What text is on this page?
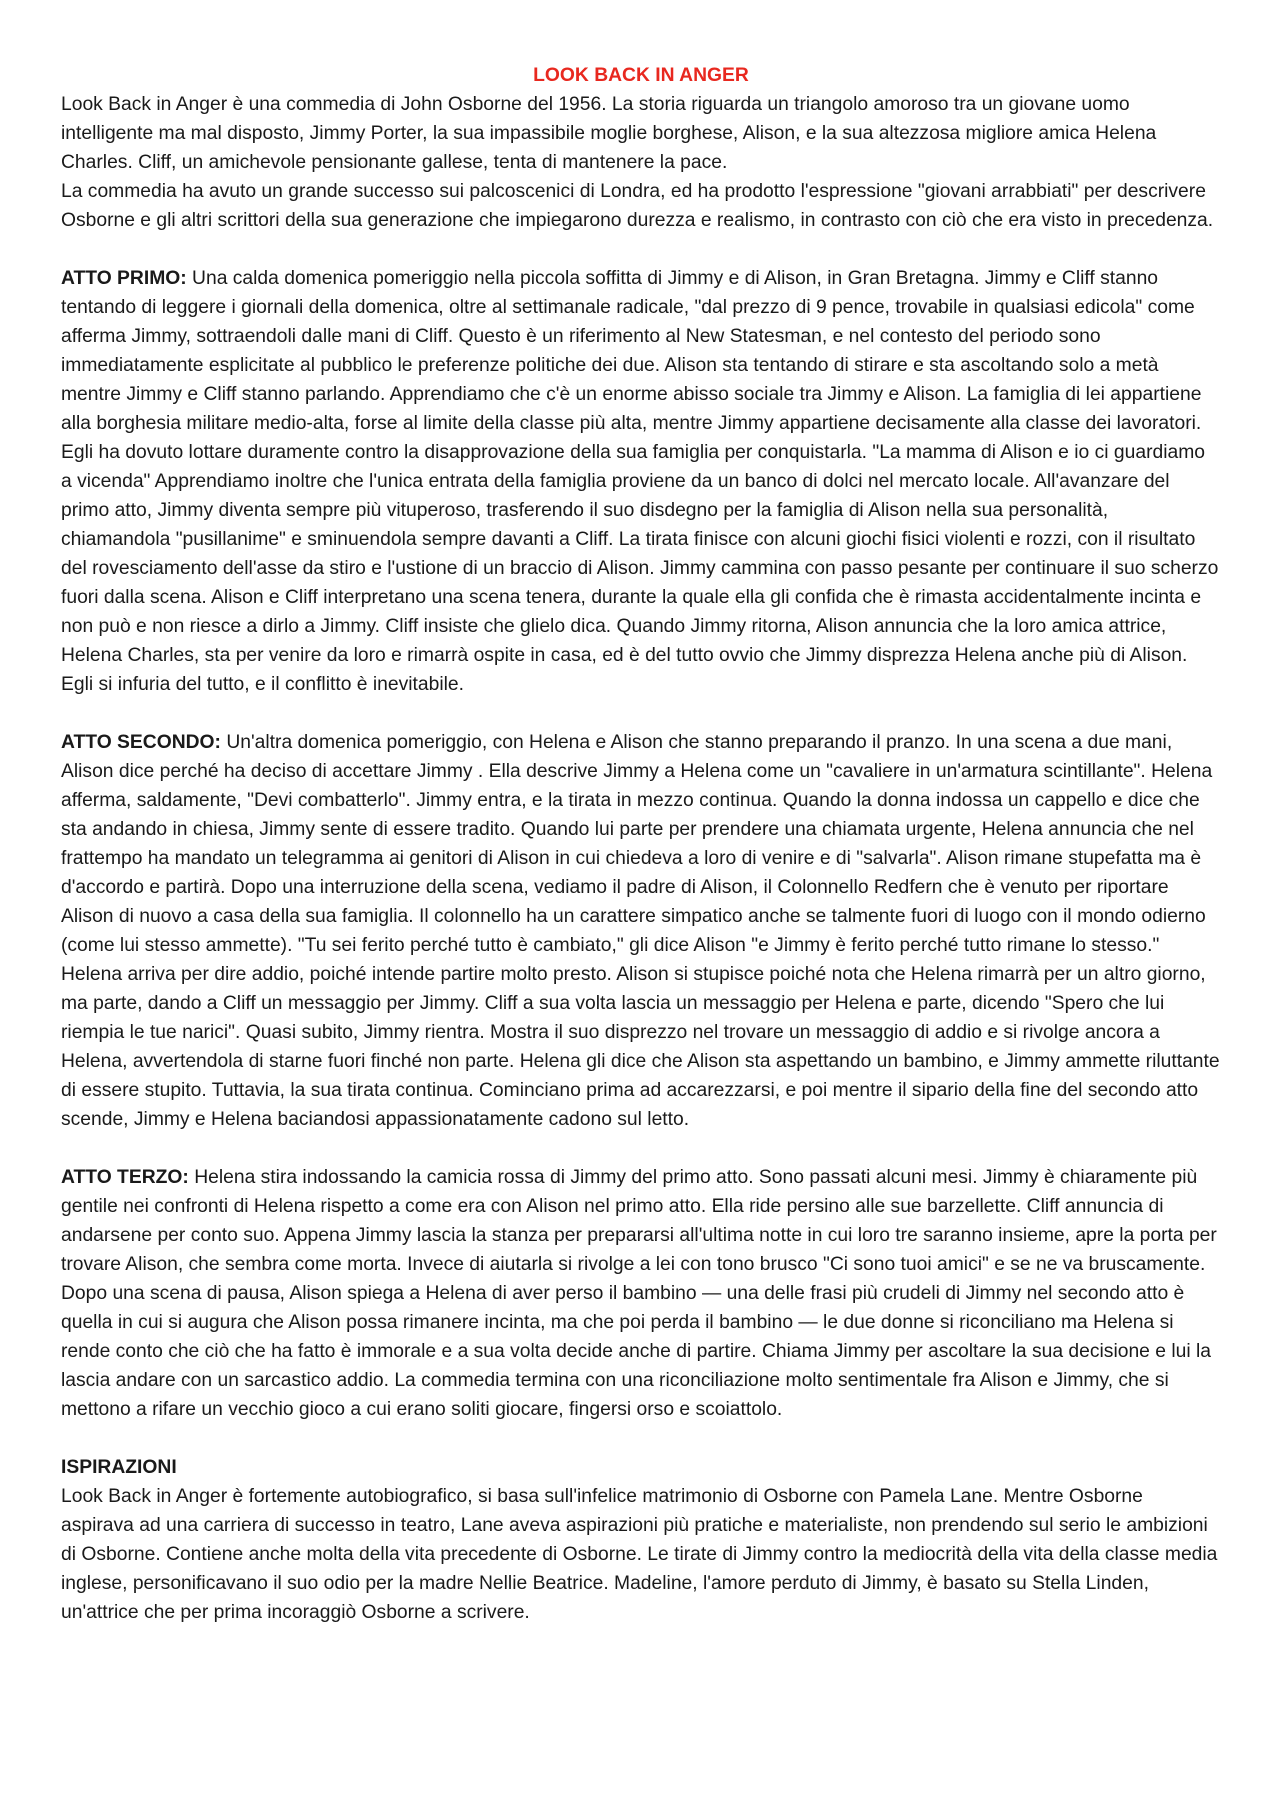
LOOK BACK IN ANGER

Look Back in Anger è una commedia di John Osborne del 1956. La storia riguarda un triangolo amoroso tra un giovane uomo intelligente ma mal disposto, Jimmy Porter, la sua impassibile moglie borghese, Alison, e la sua altezzosa migliore amica Helena Charles. Cliff, un amichevole pensionante gallese, tenta di mantenere la pace.

La commedia ha avuto un grande successo sui palcoscenici di Londra, ed ha prodotto l'espressione "giovani arrabbiati" per descrivere Osborne e gli altri scrittori della sua generazione che impiegarono durezza e realismo, in contrasto con ciò che era visto in precedenza.

ATTO PRIMO: Una calda domenica pomeriggio nella piccola soffitta di Jimmy e di Alison, in Gran Bretagna. Jimmy e Cliff stanno tentando di leggere i giornali della domenica, oltre al settimanale radicale, "dal prezzo di 9 pence, trovabile in qualsiasi edicola" come afferma Jimmy, sottraendoli dalle mani di Cliff. Questo è un riferimento al New Statesman, e nel contesto del periodo sono immediatamente esplicitate al pubblico le preferenze politiche dei due. Alison sta tentando di stirare e sta ascoltando solo a metà mentre Jimmy e Cliff stanno parlando. Apprendiamo che c'è un enorme abisso sociale tra Jimmy e Alison. La famiglia di lei appartiene alla borghesia militare medio-alta, forse al limite della classe più alta, mentre Jimmy appartiene decisamente alla classe dei lavoratori. Egli ha dovuto lottare duramente contro la disapprovazione della sua famiglia per conquistarla. "La mamma di Alison e io ci guardiamo a vicenda" Apprendiamo inoltre che l'unica entrata della famiglia proviene da un banco di dolci nel mercato locale. All'avanzare del primo atto, Jimmy diventa sempre più vituperoso, trasferendo il suo disdegno per la famiglia di Alison nella sua personalità, chiamandola "pusillanime" e sminuendola sempre davanti a Cliff. La tirata finisce con alcuni giochi fisici violenti e rozzi, con il risultato del rovesciamento dell'asse da stiro e l'ustione di un braccio di Alison. Jimmy cammina con passo pesante per continuare il suo scherzo fuori dalla scena. Alison e Cliff interpretano una scena tenera, durante la quale ella gli confida che è rimasta accidentalmente incinta e non può e non riesce a dirlo a Jimmy. Cliff insiste che glielo dica. Quando Jimmy ritorna, Alison annuncia che la loro amica attrice, Helena Charles, sta per venire da loro e rimarrà ospite in casa, ed è del tutto ovvio che Jimmy disprezza Helena anche più di Alison. Egli si infuria del tutto, e il conflitto è inevitabile.

ATTO SECONDO: Un'altra domenica pomeriggio, con Helena e Alison che stanno preparando il pranzo. In una scena a due mani, Alison dice perché ha deciso di accettare Jimmy . Ella descrive Jimmy a Helena come un "cavaliere in un'armatura scintillante". Helena afferma, saldamente, "Devi combatterlo". Jimmy entra, e la tirata in mezzo continua. Quando la donna indossa un cappello e dice che sta andando in chiesa, Jimmy sente di essere tradito. Quando lui parte per prendere una chiamata urgente, Helena annuncia che nel frattempo ha mandato un telegramma ai genitori di Alison in cui chiedeva a loro di venire e di "salvarla". Alison rimane stupefatta ma è d'accordo e partirà. Dopo una interruzione della scena, vediamo il padre di Alison, il Colonnello Redfern che è venuto per riportare Alison di nuovo a casa della sua famiglia. Il colonnello ha un carattere simpatico anche se talmente fuori di luogo con il mondo odierno (come lui stesso ammette). "Tu sei ferito perché tutto è cambiato," gli dice Alison "e Jimmy è ferito perché tutto rimane lo stesso." Helena arriva per dire addio, poiché intende partire molto presto. Alison si stupisce poiché nota che Helena rimarrà per un altro giorno, ma parte, dando a Cliff un messaggio per Jimmy. Cliff a sua volta lascia un messaggio per Helena e parte, dicendo "Spero che lui riempia le tue narici". Quasi subito, Jimmy rientra. Mostra il suo disprezzo nel trovare un messaggio di addio e si rivolge ancora a Helena, avvertendola di starne fuori finché non parte. Helena gli dice che Alison sta aspettando un bambino, e Jimmy ammette riluttante di essere stupito. Tuttavia, la sua tirata continua. Cominciano prima ad accarezzarsi, e poi mentre il sipario della fine del secondo atto scende, Jimmy e Helena baciandosi appassionatamente cadono sul letto.

ATTO TERZO: Helena stira indossando la camicia rossa di Jimmy del primo atto. Sono passati alcuni mesi. Jimmy è chiaramente più gentile nei confronti di Helena rispetto a come era con Alison nel primo atto. Ella ride persino alle sue barzellette. Cliff annuncia di andarsene per conto suo. Appena Jimmy lascia la stanza per prepararsi all'ultima notte in cui loro tre saranno insieme, apre la porta per trovare Alison, che sembra come morta. Invece di aiutarla si rivolge a lei con tono brusco "Ci sono tuoi amici" e se ne va bruscamente. Dopo una scena di pausa, Alison spiega a Helena di aver perso il bambino — una delle frasi più crudeli di Jimmy nel secondo atto è quella in cui si augura che Alison possa rimanere incinta, ma che poi perda il bambino — le due donne si riconciliano ma Helena si rende conto che ciò che ha fatto è immorale e a sua volta decide anche di partire. Chiama Jimmy per ascoltare la sua decisione e lui la lascia andare con un sarcastico addio. La commedia termina con una riconciliazione molto sentimentale fra Alison e Jimmy, che si mettono a rifare un vecchio gioco a cui erano soliti giocare, fingersi orso e scoiattolo.

ISPIRAZIONI

Look Back in Anger è fortemente autobiografico, si basa sull'infelice matrimonio di Osborne con Pamela Lane. Mentre Osborne aspirava ad una carriera di successo in teatro, Lane aveva aspirazioni più pratiche e materialiste, non prendendo sul serio le ambizioni di Osborne. Contiene anche molta della vita precedente di Osborne. Le tirate di Jimmy contro la mediocrità della vita della classe media inglese, personificavano il suo odio per la madre Nellie Beatrice. Madeline, l'amore perduto di Jimmy, è basato su Stella Linden, un'attrice che per prima incoraggiò Osborne a scrivere.
